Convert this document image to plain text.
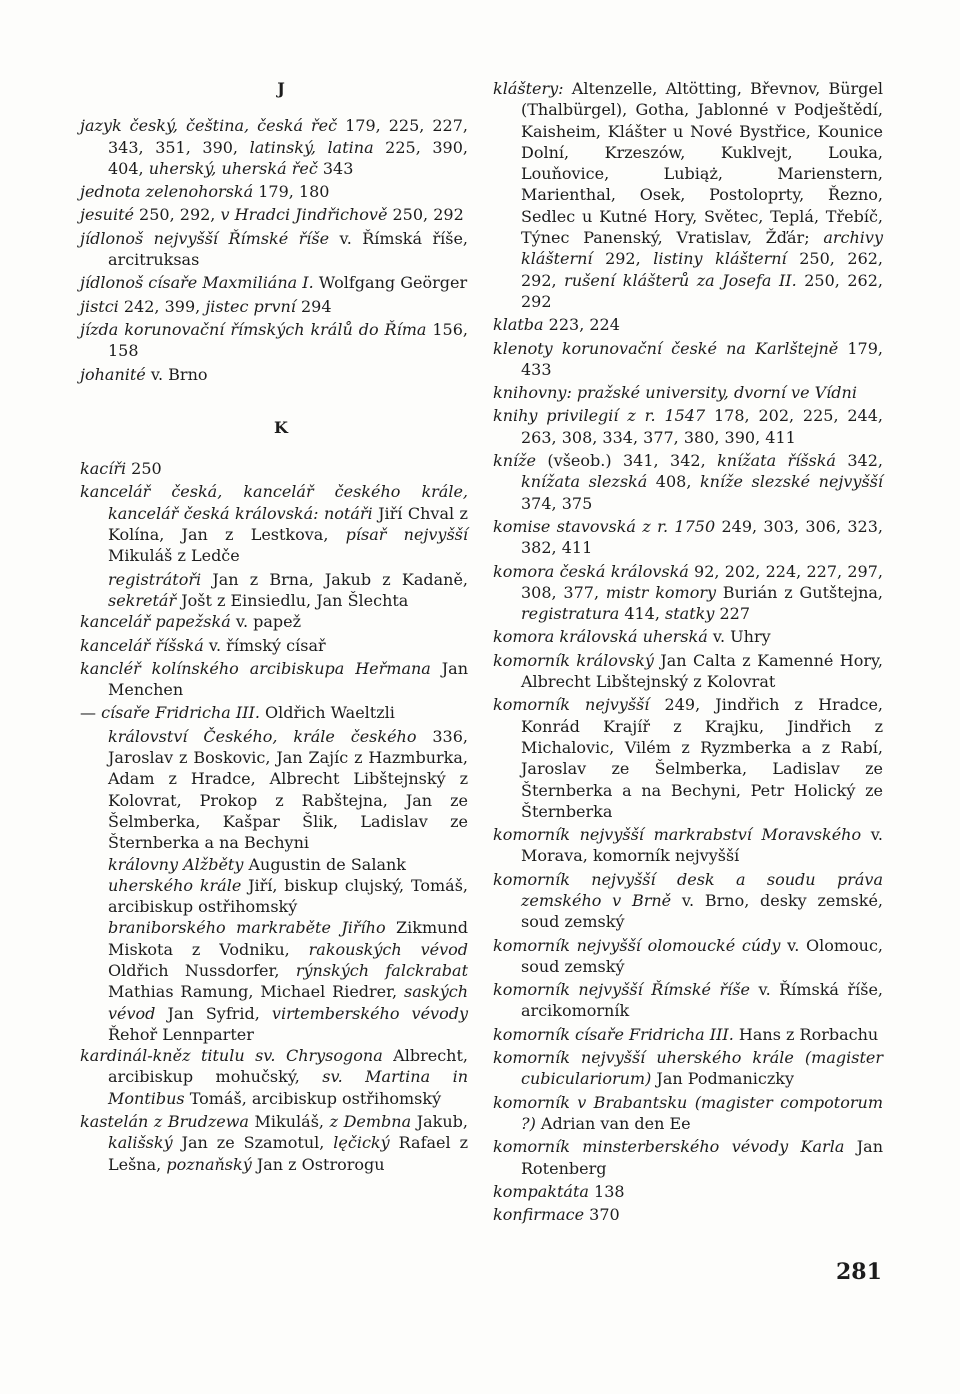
J
jazyk český, čeština, česká řeč 179, 225, 227, 343, 351, 390, latinský, latina 225, 390, 404, uherský, uherská řeč 343
jednota zelenohorská 179, 180
jesuité 250, 292, v Hradci Jindřichově 250, 292
jídlonoš nejvyšší Římské říše v. Římská říše, arcitruksas
jídlonoš císaře Maxmiliána I. Wolfgang Geörger
jistci 242, 399, jistec první 294
jízda korunovační římských králů do Říma 156, 158
johanité v. Brno
K
kacíři 250
kancelář česká, kancelář českého krále, kancelář česká královská: notáři Jiří Chval z Kolína, Jan z Lestkova, písař nejvyšší Mikuláš z Ledče
registrátoři Jan z Brna, Jakub z Kadaně, sekretář Jošt z Einsiedlu, Jan Šlechta
kancelář papežská v. papež
kancelář říšská v. římský císař
kancléř kolínského arcibiskupa Heřmana Jan Menchen
— císaře Fridricha III. Oldřich Waeltzli
království Českého, krále českého 336, Jaroslav z Boskovic, Jan Zajíc z Hazmburka, Adam z Hradce, Albrecht Libštejnský z Kolovrat, Prokop z Rabštejna, Jan ze Šelmberka, Kašpar Šlik, Ladislav ze Šternberka a na Bechyni
královny Alžběty Augustin de Salank
uherského krále Jiří, biskup clujský, Tomáš, arcibiskup ostřihomský
braniborského markraběte Jiřího Zikmund Miskota z Vodniku, rakouských vévod Oldřich Nussdorfer, rýnských falckrabat Mathias Ramung, Michael Riedrer, saských vévod Jan Syfrid, virtemberského vévody Řehoř Lennparter
kardinál-kněz titulu sv. Chrysogona Albrecht, arcibiskup mohučský, sv. Martina in Montibus Tomáš, arcibiskup ostřihomský
kastelán z Brudzewa Mikuláš, z Dembna Jakub, kališský Jan ze Szamotul, lęčický Rafael z Lešna, poznaňský Jan z Ostrorogu
kláštery: Altenzelle, Altötting, Břevnov, Bürgel (Thalbürgel), Gotha, Jablonné v Podještědí, Kaisheim, Klášter u Nové Bystřice, Kounice Dolní, Krzeszów, Kuklvejt, Louka, Louňovice, Lubiąż, Marienstern, Marienthal, Osek, Postoloprty, Řezno, Sedlec u Kutné Hory, Světec, Teplá, Třebíč, Týnec Panenský, Vratislav, Žďár; archivy klášterní 292, listiny klášterní 250, 262, 292, rušení klášterů za Josefa II. 250, 262, 292
klatba 223, 224
klenoty korunovační české na Karlštejně 179, 433
knihovny: pražské university, dvorní ve Vídni
knihy privilegií z r. 1547 178, 202, 225, 244, 263, 308, 334, 377, 380, 390, 411
kníže (všeob.) 341, 342, knížata říšská 342, knížata slezská 408, kníže slezské nejvyšší 374, 375
komise stavovská z r. 1750 249, 303, 306, 323, 382, 411
komora česká královská 92, 202, 224, 227, 297, 308, 377, mistr komory Burián z Gutštejna, registratura 414, statky 227
komora královská uherská v. Uhry
komorník královský Jan Calta z Kamenné Hory, Albrecht Libštejnský z Kolovrat
komorník nejvyšší 249, Jindřich z Hradce, Konrád Krajíř z Krajku, Jindřich z Michalovic, Vilém z Ryzmberka a z Rabí, Jaroslav ze Šelmberka, Ladislav ze Šternberka a na Bechyni, Petr Holický ze Šternberka
komorník nejvyšší markrabství Moravského v. Morava, komorník nejvyšší
komorník nejvyšší desk a soudu práva zemského v Brně v. Brno, desky zemské, soud zemský
komorník nejvyšší olomoucké cúdy v. Olomouc, soud zemský
komorník nejvyšší Římské říše v. Římská říše, arcikomorník
komorník císaře Fridricha III. Hans z Rorbachu
komorník nejvyšší uherského krále (magister cubiculariorum) Jan Podmaniczky
komorník v Brabantsku (magister compotorum ?) Adrian van den Ee
komorník minsterberského vévody Karla Jan Rotenberg
kompaktáta 138
konfirmace 370
281
